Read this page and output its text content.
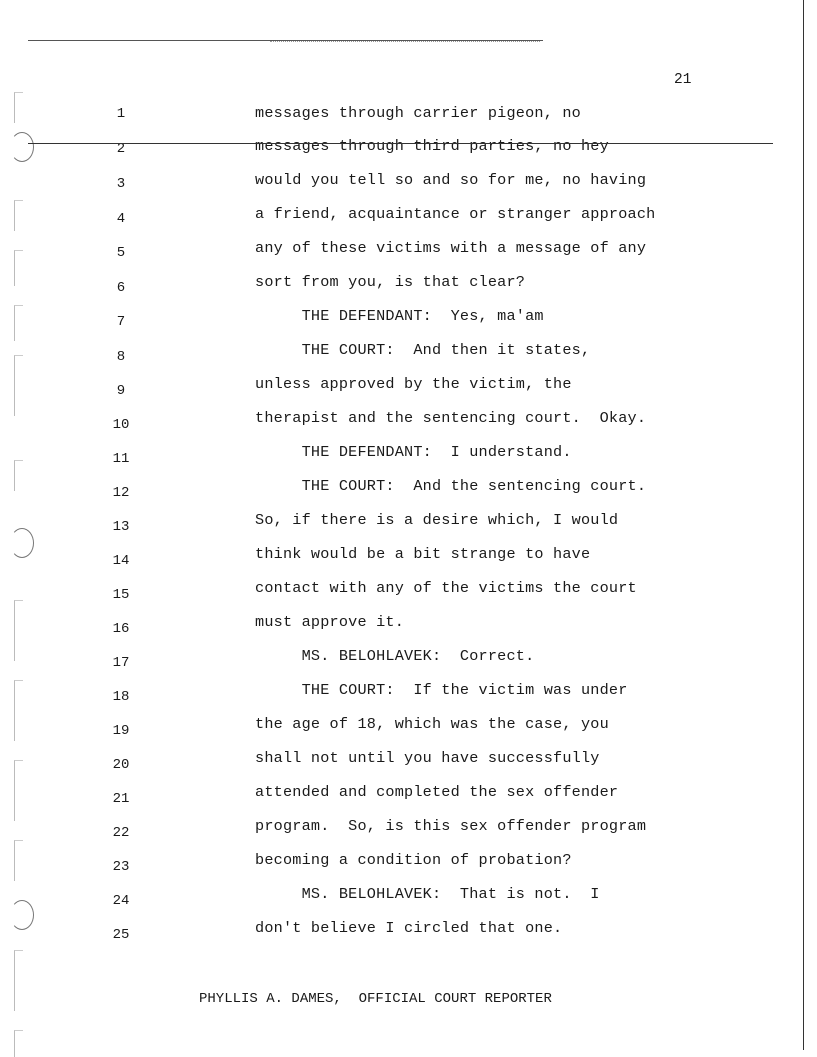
21
1	messages through carrier pigeon, no
2	messages through third parties, no hey
3	would you tell so and so for me, no having
4	a friend, acquaintance or stranger approach
5	any of these victims with a message of any
6	sort from you, is that clear?
7	THE DEFENDANT:  Yes, ma'am
8	THE COURT:  And then it states,
9	unless approved by the victim, the
10	therapist and the sentencing court.  Okay.
11	THE DEFENDANT:  I understand.
12	THE COURT:  And the sentencing court.
13	So, if there is a desire which, I would
14	think would be a bit strange to have
15	contact with any of the victims the court
16	must approve it.
17	MS. BELOHLAVEK:  Correct.
18	THE COURT:  If the victim was under
19	the age of 18, which was the case, you
20	shall not until you have successfully
21	attended and completed the sex offender
22	program.  So, is this sex offender program
23	becoming a condition of probation?
24	MS. BELOHLAVEK:  That is not.  I
25	don't believe I circled that one.
PHYLLIS A. DAMES,  OFFICIAL COURT REPORTER
